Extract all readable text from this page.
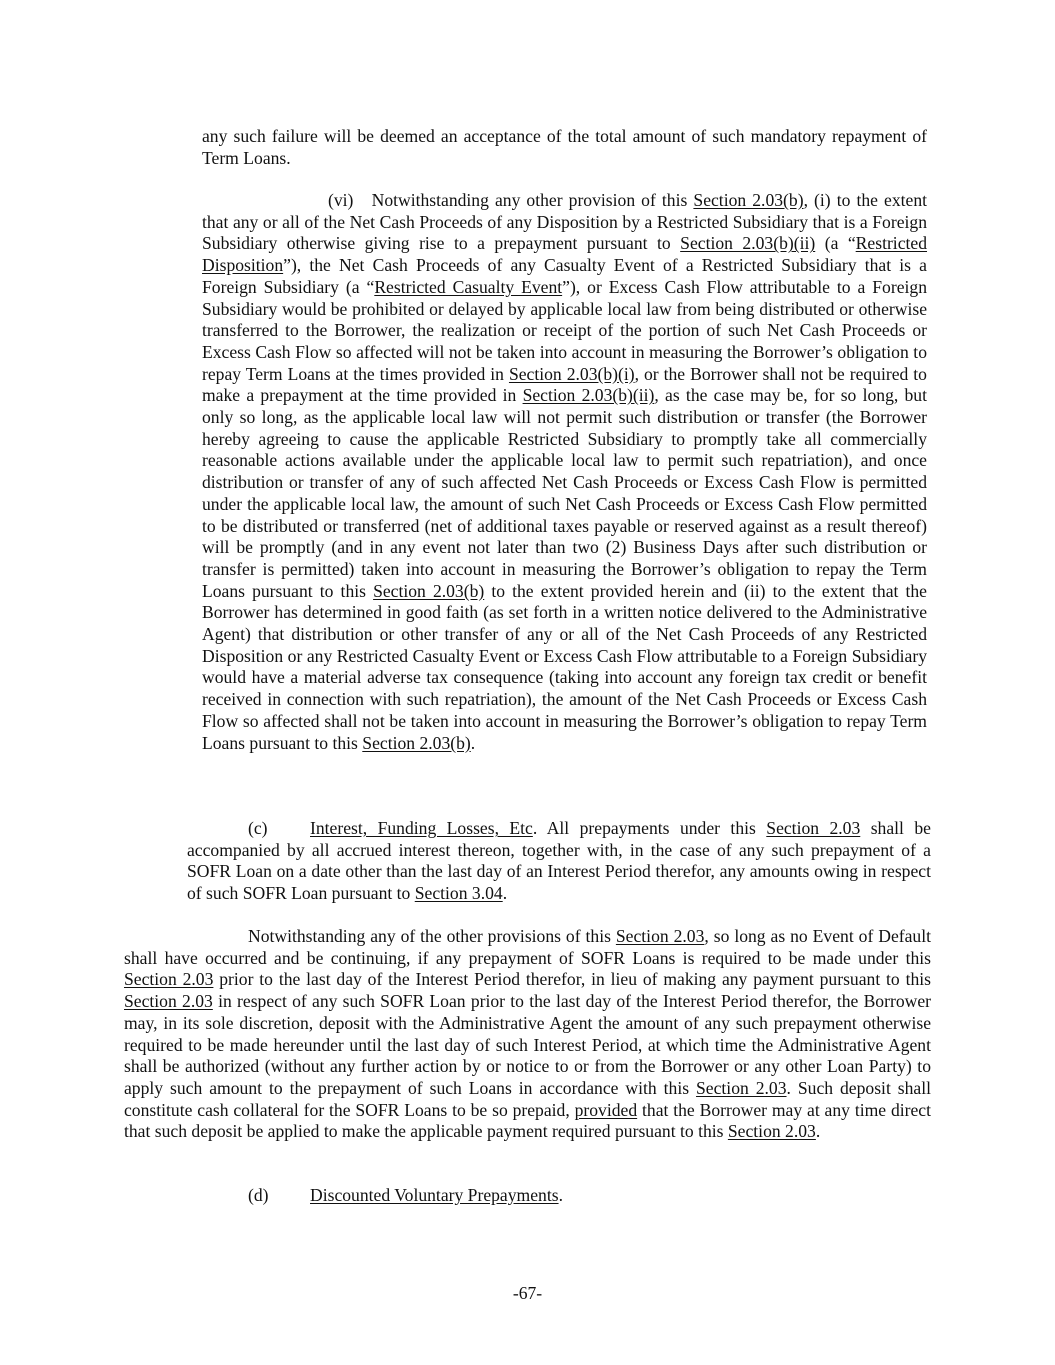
any such failure will be deemed an acceptance of the total amount of such mandatory repayment of Term Loans.

(vi) Notwithstanding any other provision of this Section 2.03(b), (i) to the extent that any or all of the Net Cash Proceeds of any Disposition by a Restricted Subsidiary that is a Foreign Subsidiary otherwise giving rise to a prepayment pursuant to Section 2.03(b)(ii) (a “Restricted Disposition”), the Net Cash Proceeds of any Casualty Event of a Restricted Subsidiary that is a Foreign Subsidiary (a “Restricted Casualty Event”), or Excess Cash Flow attributable to a Foreign Subsidiary would be prohibited or delayed by applicable local law from being distributed or otherwise transferred to the Borrower, the realization or receipt of the portion of such Net Cash Proceeds or Excess Cash Flow so affected will not be taken into account in measuring the Borrower’s obligation to repay Term Loans at the times provided in Section 2.03(b)(i), or the Borrower shall not be required to make a prepayment at the time provided in Section 2.03(b)(ii), as the case may be, for so long, but only so long, as the applicable local law will not permit such distribution or transfer (the Borrower hereby agreeing to cause the applicable Restricted Subsidiary to promptly take all commercially reasonable actions available under the applicable local law to permit such repatriation), and once distribution or transfer of any of such affected Net Cash Proceeds or Excess Cash Flow is permitted under the applicable local law, the amount of such Net Cash Proceeds or Excess Cash Flow permitted to be distributed or transferred (net of additional taxes payable or reserved against as a result thereof) will be promptly (and in any event not later than two (2) Business Days after such distribution or transfer is permitted) taken into account in measuring the Borrower’s obligation to repay the Term Loans pursuant to this Section 2.03(b) to the extent provided herein and (ii) to the extent that the Borrower has determined in good faith (as set forth in a written notice delivered to the Administrative Agent) that distribution or other transfer of any or all of the Net Cash Proceeds of any Restricted Disposition or any Restricted Casualty Event or Excess Cash Flow attributable to a Foreign Subsidiary would have a material adverse tax consequence (taking into account any foreign tax credit or benefit received in connection with such repatriation), the amount of the Net Cash Proceeds or Excess Cash Flow so affected shall not be taken into account in measuring the Borrower’s obligation to repay Term Loans pursuant to this Section 2.03(b).

(c) Interest, Funding Losses, Etc. All prepayments under this Section 2.03 shall be accompanied by all accrued interest thereon, together with, in the case of any such prepayment of a SOFR Loan on a date other than the last day of an Interest Period therefor, any amounts owing in respect of such SOFR Loan pursuant to Section 3.04.

Notwithstanding any of the other provisions of this Section 2.03, so long as no Event of Default shall have occurred and be continuing, if any prepayment of SOFR Loans is required to be made under this Section 2.03 prior to the last day of the Interest Period therefor, in lieu of making any payment pursuant to this Section 2.03 in respect of any such SOFR Loan prior to the last day of the Interest Period therefor, the Borrower may, in its sole discretion, deposit with the Administrative Agent the amount of any such prepayment otherwise required to be made hereunder until the last day of such Interest Period, at which time the Administrative Agent shall be authorized (without any further action by or notice to or from the Borrower or any other Loan Party) to apply such amount to the prepayment of such Loans in accordance with this Section 2.03. Such deposit shall constitute cash collateral for the SOFR Loans to be so prepaid, provided that the Borrower may at any time direct that such deposit be applied to make the applicable payment required pursuant to this Section 2.03.

(d) Discounted Voluntary Prepayments.

-67-
